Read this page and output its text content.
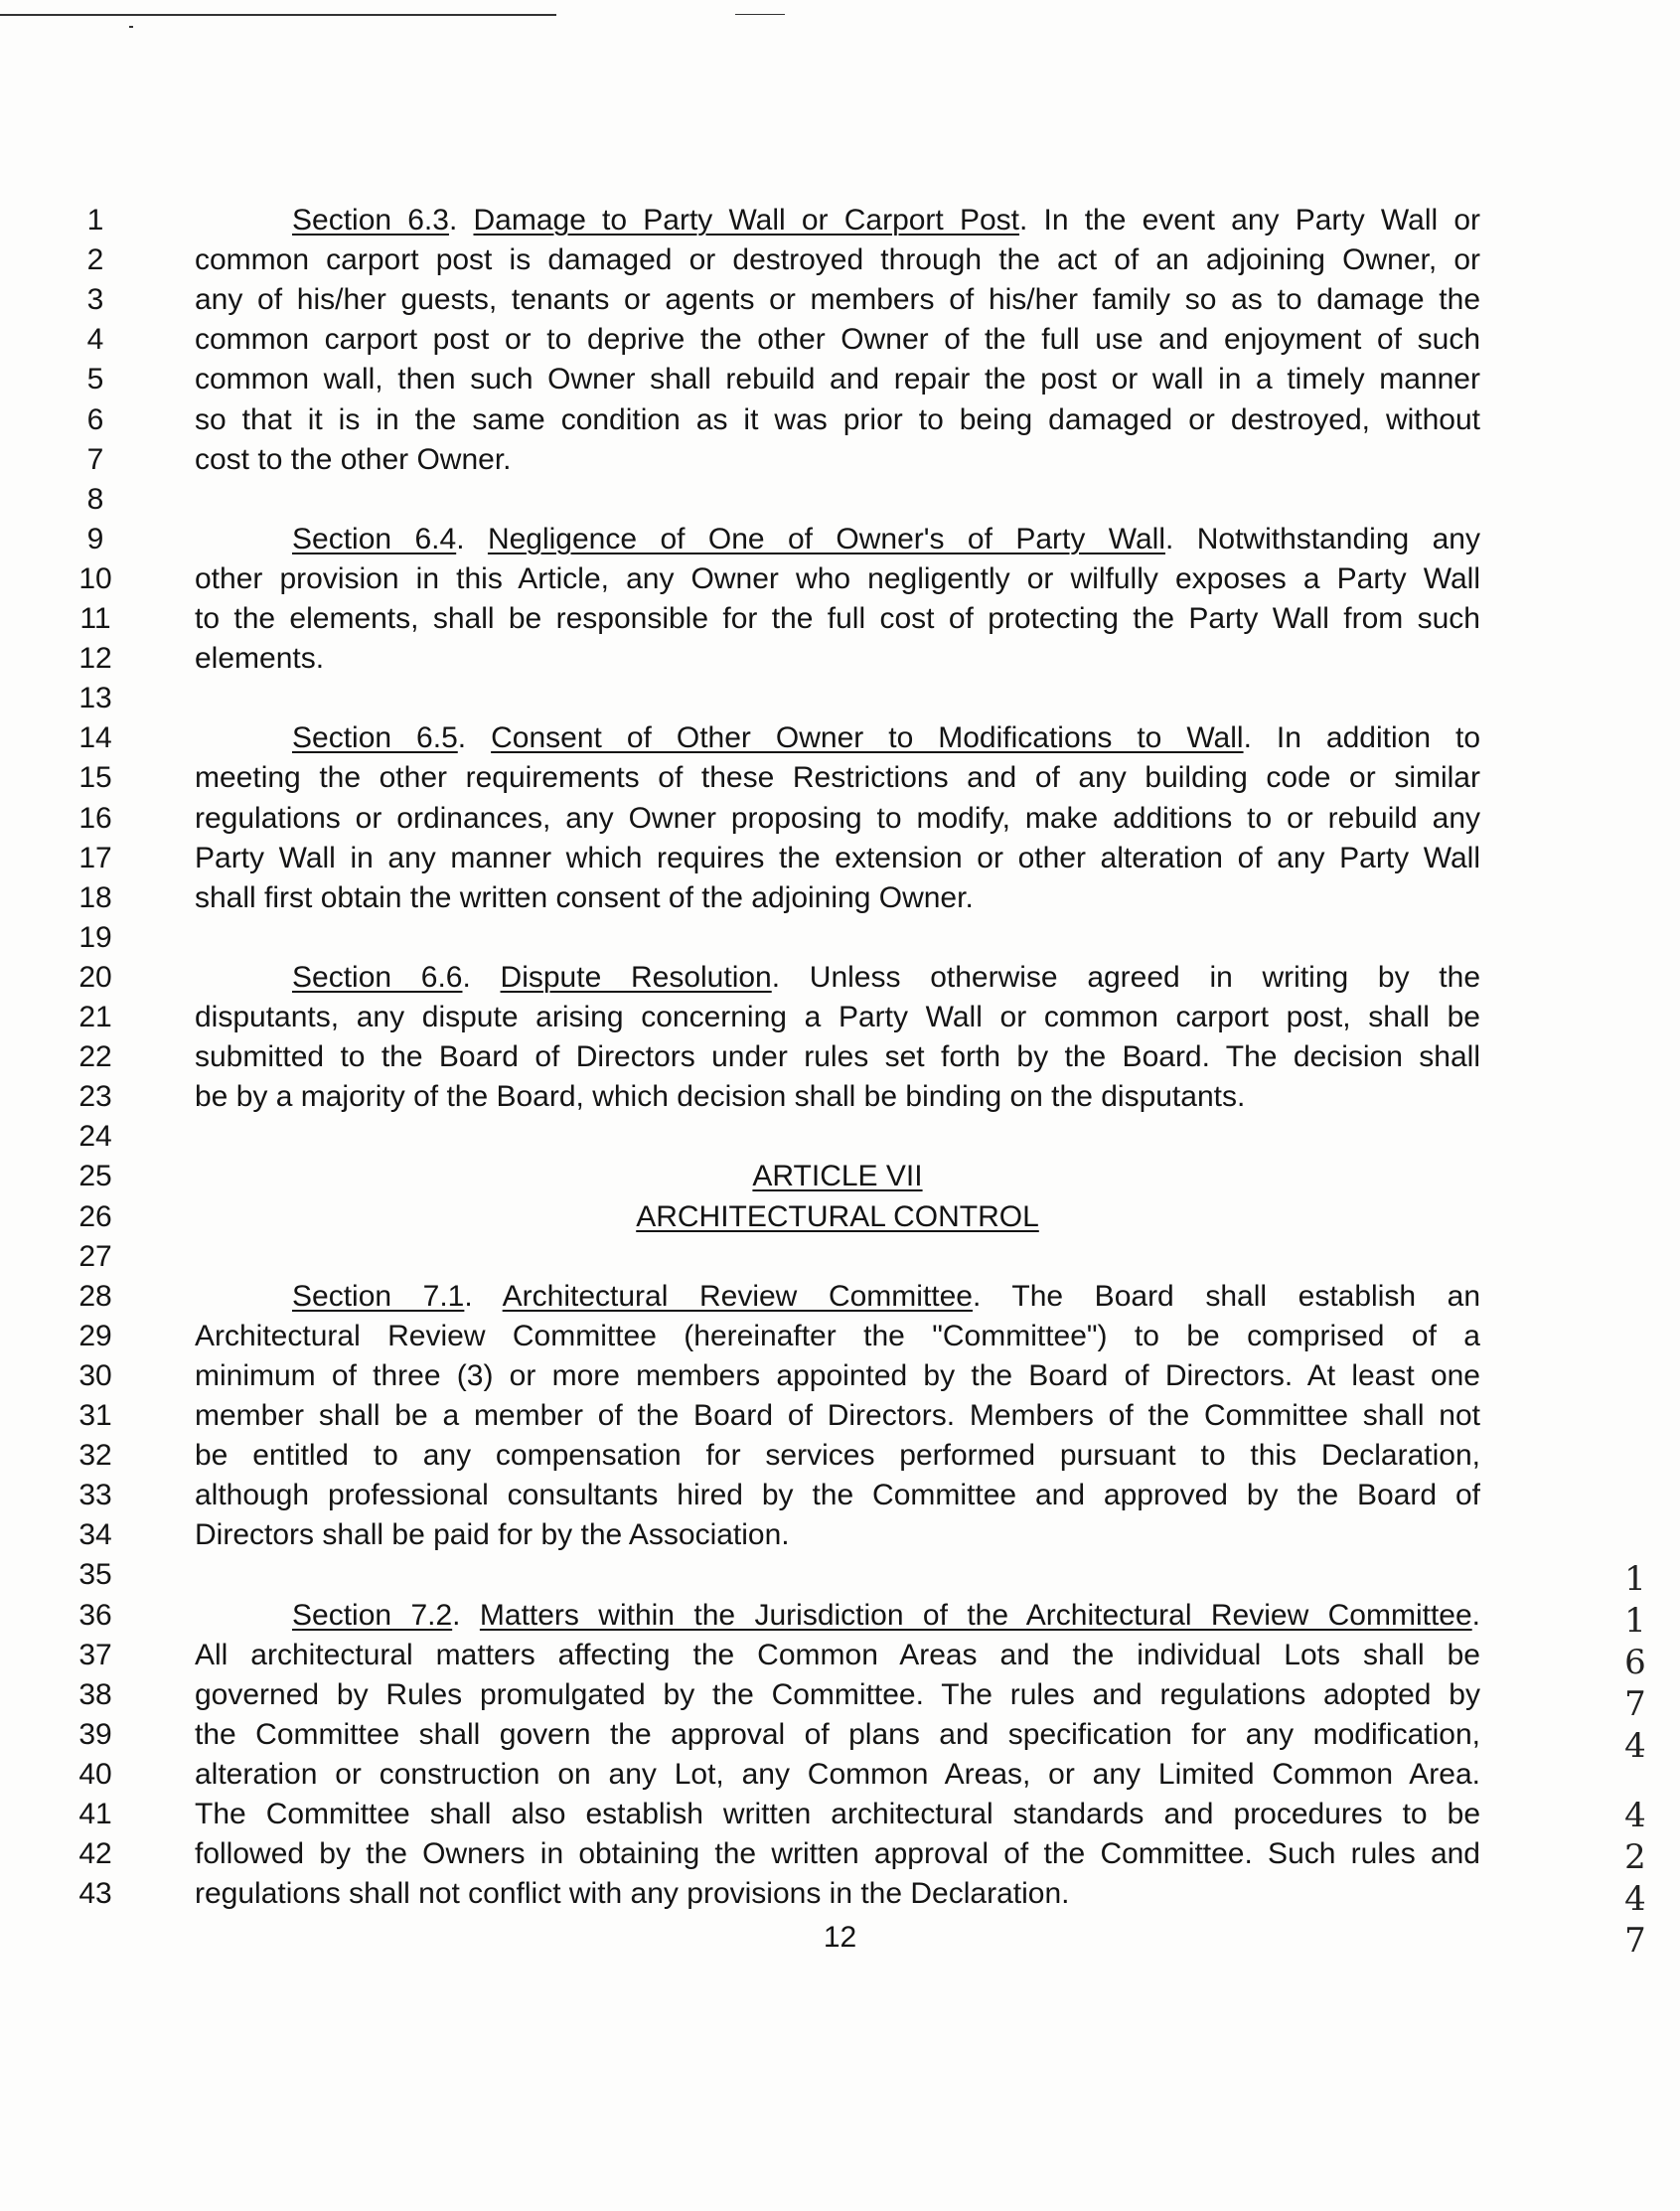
1
2
3
4
5
6
7
8
9
10
11
12
13
14
15
16
17
18
19
20
21
22
23
24
25
26
27
28
29
30
31
32
33
34
35
36
37
38
39
40
41
42
43
Section 6.3. Damage to Party Wall or Carport Post. In the event any Party Wall or
common carport post is damaged or destroyed through the act of an adjoining Owner, or
any of his/her guests, tenants or agents or members of his/her family so as to damage the
common carport post or to deprive the other Owner of the full use and enjoyment of such
common wall, then such Owner shall rebuild and repair the post or wall in a timely manner
so that it is in the same condition as it was prior to being damaged or destroyed, without
cost to the other Owner.
Section 6.4. Negligence of One of Owner's of Party Wall. Notwithstanding any
other provision in this Article, any Owner who negligently or wilfully exposes a Party Wall
to the elements, shall be responsible for the full cost of protecting the Party Wall from such
elements.
Section 6.5. Consent of Other Owner to Modifications to Wall. In addition to
meeting the other requirements of these Restrictions and of any building code or similar
regulations or ordinances, any Owner proposing to modify, make additions to or rebuild any
Party Wall in any manner which requires the extension or other alteration of any Party Wall
shall first obtain the written consent of the adjoining Owner.
Section 6.6. Dispute Resolution. Unless otherwise agreed in writing by the
disputants, any dispute arising concerning a Party Wall or common carport post, shall be
submitted to the Board of Directors under rules set forth by the Board. The decision shall
be by a majority of the Board, which decision shall be binding on the disputants.
ARTICLE VII
ARCHITECTURAL CONTROL
Section 7.1. Architectural Review Committee. The Board shall establish an
Architectural Review Committee (hereinafter the "Committee") to be comprised of a
minimum of three (3) or more members appointed by the Board of Directors. At least one
member shall be a member of the Board of Directors. Members of the Committee shall not
be entitled to any compensation for services performed pursuant to this Declaration,
although professional consultants hired by the Committee and approved by the Board of
Directors shall be paid for by the Association.
Section 7.2. Matters within the Jurisdiction of the Architectural Review Committee.
All architectural matters affecting the Common Areas and the individual Lots shall be
governed by Rules promulgated by the Committee. The rules and regulations adopted by
the Committee shall govern the approval of plans and specification for any modification,
alteration or construction on any Lot, any Common Areas, or any Limited Common Area.
The Committee shall also establish written architectural standards and procedures to be
followed by the Owners in obtaining the written approval of the Committee. Such rules and
regulations shall not conflict with any provisions in the Declaration.
12
1
1
6
7
4
4
2
4
7
